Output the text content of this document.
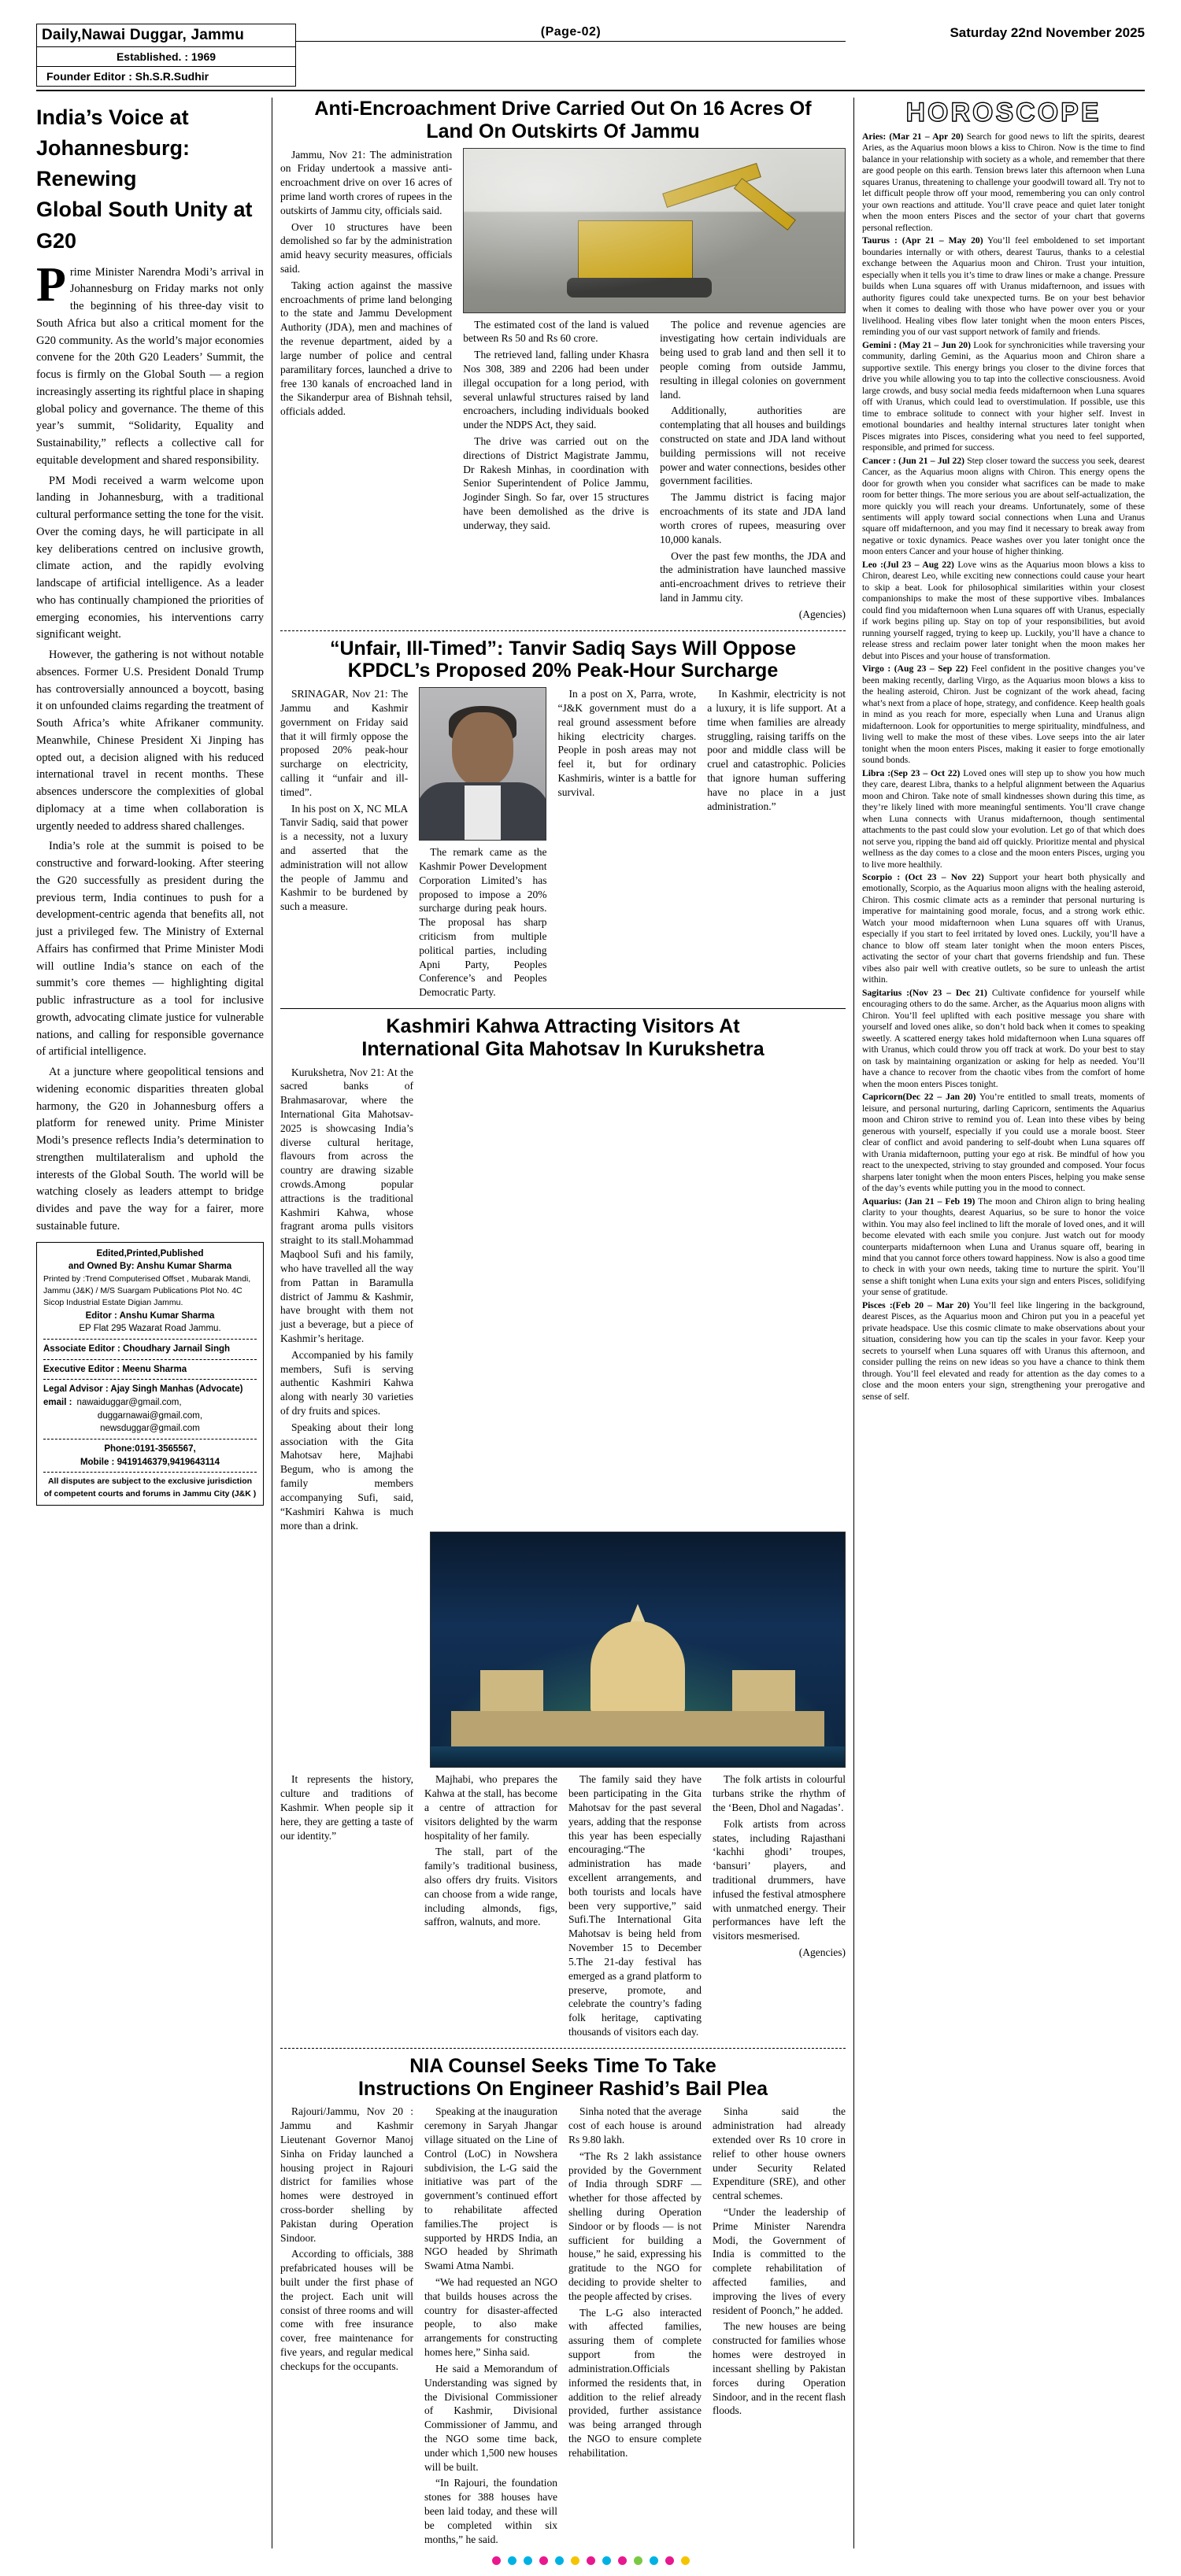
Daily,Nawai Duggar, Jammu
Established. : 1969
Founder Editor : Sh.S.R.Sudhir
(Page-02)	Saturday 22nd November 2025
India’s Voice at
Johannesburg: Renewing
Global South Unity at G20

Prime Minister Narendra Modi’s arrival in Johannesburg on Friday marks not only the beginning of his three-day visit to South Africa but also a critical moment for the G20 community. As the world’s major economies convene for the 20th G20 Leaders’ Summit, the focus is firmly on the Global South — a region increasingly asserting its rightful place in shaping global policy and governance. The theme of this year’s summit, “Solidarity, Equality and Sustainability,” reflects a collective call for equitable development and shared responsibility.

PM Modi received a warm welcome upon landing in Johannesburg, with a traditional cultural performance setting the tone for the visit. Over the coming days, he will participate in all key deliberations centred on inclusive growth, climate action, and the rapidly evolving landscape of artificial intelligence. As a leader who has continually championed the priorities of emerging economies, his interventions carry significant weight.

However, the gathering is not without notable absences. Former U.S. President Donald Trump has controversially announced a boycott, basing it on unfounded claims regarding the treatment of South Africa’s white Afrikaner community. Meanwhile, Chinese President Xi Jinping has opted out, a decision aligned with his reduced international travel in recent months. These absences underscore the complexities of global diplomacy at a time when collaboration is urgently needed to address shared challenges.

India’s role at the summit is poised to be constructive and forward-looking. After steering the G20 successfully as president during the previous term, India continues to push for a development-centric agenda that benefits all, not just a privileged few. The Ministry of External Affairs has confirmed that Prime Minister Modi will outline India’s stance on each of the summit’s core themes — highlighting digital public infrastructure as a tool for inclusive growth, advocating climate justice for vulnerable nations, and calling for responsible governance of artificial intelligence.

At a juncture where geopolitical tensions and widening economic disparities threaten global harmony, the G20 in Johannesburg offers a platform for renewed unity. Prime Minister Modi’s presence reflects India’s determination to strengthen multilateralism and uphold the interests of the Global South. The world will be watching closely as leaders attempt to bridge divides and pave the way for a fairer, more sustainable future.

Edited,Printed,Published
and Owned By: Anshu Kumar Sharma
Printed by :Trend Computerised Offset , Mubarak Mandi, Jammu (J&K) / M/S Suargam Publications Plot No. 4C Sicop Industrial Estate Digian Jammu.
Editor : Anshu Kumar Sharma
EP Flat 295 Wazarat Road Jammu.
Associate Editor : Choudhary Jarnail Singh
Executive Editor : Meenu Sharma
Legal Advisor : Ajay Singh Manhas (Advocate)
email : nawaiduggar@gmail.com,
duggarnawai@gmail.com,
newsduggar@gmail.com
Phone:0191-3565567,
Mobile : 9419146379,9419643114
All disputes are subject to the exclusive jurisdiction of competent courts and forums in Jammu City (J&K )
Anti-Encroachment Drive Carried Out On 16 Acres Of
Land On Outskirts Of Jammu

Jammu, Nov 21: The administration on Friday undertook a massive anti-encroachment drive on over 16 acres of prime land worth crores of rupees in the outskirts of Jammu city, officials said.

Over 10 structures have been demolished so far by the administration amid heavy security measures, officials said.

Taking action against the massive encroachments of prime land belonging to the state and Jammu Development Authority (JDA), men and machines of the revenue department, aided by a large number of police and central paramilitary forces, launched a drive to free 130 kanals of encroached land in the Sikanderpur area of Bishnah tehsil, officials added.

The estimated cost of the land is valued between Rs 50 and Rs 60 crore.

The retrieved land, falling under Khasra Nos 308, 389 and 2206 had been under illegal occupation for a long period, with several unlawful structures raised by land encroachers, including individuals booked under the NDPS Act, they said.

The drive was carried out on the directions of District Magistrate Jammu, Dr Rakesh Minhas, in coordination with Senior Superintendent of Police Jammu, Joginder Singh. So far, over 15 structures have been demolished as the drive is underway, they said.

The police and revenue agencies are investigating how certain individuals are being used to grab land and then sell it to people coming from outside Jammu, resulting in illegal colonies on government land.

Additionally, authorities are contemplating that all houses and buildings constructed on state and JDA land without building permissions will not receive power and water connections, besides other government facilities.

The Jammu district is facing major encroachments of its state and JDA land worth crores of rupees, measuring over 10,000 kanals.

Over the past few months, the JDA and the administration have launched massive anti-encroachment drives to retrieve their land in Jammu city.

(Agencies)

“Unfair, Ill-Timed”: Tanvir Sadiq Says Will Oppose
KPDCL’s Proposed 20% Peak-Hour Surcharge

SRINAGAR, Nov 21: The Jammu and Kashmir government on Friday said that it will firmly oppose the proposed 20% peak-hour surcharge on electricity, calling it “unfair and ill-timed”.

In his post on X, NC MLA Tanvir Sadiq, said that power is a necessity, not a luxury and asserted that the administration will not allow the people of Jammu and Kashmir to be burdened by such a measure.

The remark came as the Kashmir Power Development Corporation Limited’s has proposed to impose a 20% surcharge during peak hours. The proposal has sharp criticism from multiple political parties, including Apni Party, Peoples Conference’s and Peoples Democratic Party.

In a post on X, Parra, wrote, “J&K government must do a real ground assessment before hiking electricity charges. People in posh areas may not feel it, but for ordinary Kashmiris, winter is a battle for survival.

In Kashmir, electricity is not a luxury, it is life support. At a time when families are already struggling, raising tariffs on the poor and middle class will be cruel and catastrophic. Policies that ignore human suffering have no place in a just administration.”

Kashmiri Kahwa Attracting Visitors At
International Gita Mahotsav In Kurukshetra

Kurukshetra, Nov 21: At the sacred banks of Brahmasarovar, where the International Gita Mahotsav-2025 is showcasing India’s diverse cultural heritage, flavours from across the country are drawing sizable crowds.Among popular attractions is the traditional Kashmiri Kahwa, whose fragrant aroma pulls visitors straight to its stall.Mohammad Maqbool Sufi and his family, who have travelled all the way from Pattan in Baramulla district of Jammu & Kashmir, have brought with them not just a beverage, but a piece of Kashmir’s heritage.

Accompanied by his family members, Sufi is serving authentic Kashmiri Kahwa along with nearly 30 varieties of dry fruits and spices.

Speaking about their long association with the Gita Mahotsav here, Majhabi Begum, who is among the family members accompanying Sufi, said, “Kashmiri Kahwa is much more than a drink.

It represents the history, culture and traditions of Kashmir. When people sip it here, they are getting a taste of our identity.”

Majhabi, who prepares the Kahwa at the stall, has become a centre of attraction for visitors delighted by the warm hospitality of her family.

The stall, part of the family’s traditional business, also offers dry fruits. Visitors can choose from a wide range, including almonds, figs, saffron, walnuts, and more.

The family said they have been participating in the Gita Mahotsav for the past several years, adding that the response this year has been especially encouraging.“The administration has made excellent arrangements, and both tourists and locals have been very supportive,” said Sufi.The International Gita Mahotsav is being held from November 15 to December 5.The 21-day festival has emerged as a grand platform to preserve, promote, and celebrate the country’s fading folk heritage, captivating thousands of visitors each day.

The folk artists in colourful turbans strike the rhythm of the ‘Been, Dhol and Nagadas’.

Folk artists from across states, including Rajasthani ‘kachhi ghodi’ troupes, ‘bansuri’ players, and traditional drummers, have infused the festival atmosphere with unmatched energy. Their performances have left the visitors mesmerised.

(Agencies)

NIA Counsel Seeks Time To Take
Instructions On Engineer Rashid’s Bail Plea

Rajouri/Jammu, Nov 20 : Jammu and Kashmir Lieutenant Governor Manoj Sinha on Friday launched a housing project in Rajouri district for families whose homes were destroyed in cross-border shelling by Pakistan during Operation Sindoor.

According to officials, 388 prefabricated houses will be built under the first phase of the project. Each unit will consist of three rooms and will come with free insurance cover, free maintenance for five years, and regular medical checkups for the occupants.

Speaking at the inauguration ceremony in Saryah Jhangar village situated on the Line of Control (LoC) in Nowshera subdivision, the L-G said the initiative was part of the government’s continued effort to rehabilitate affected families.The project is supported by HRDS India, an NGO headed by Shrimath Swami Atma Nambi.

“We had requested an NGO that builds houses across the country for disaster-affected people, to also make arrangements for constructing homes here,” Sinha said.

He said a Memorandum of Understanding was signed by the Divisional Commissioner of Kashmir, Divisional Commissioner of Jammu, and the NGO some time back, under which 1,500 new houses will be built.

“In Rajouri, the foundation stones for 388 houses have been laid today, and these will be completed within six months,” he said.

Sinha noted that the average cost of each house is around Rs 9.80 lakh.

“The Rs 2 lakh assistance provided by the Government of India through SDRF — whether for those affected by shelling during Operation Sindoor or by floods — is not sufficient for building a house,” he said, expressing his gratitude to the NGO for deciding to provide shelter to the people affected by crises.

The L-G also interacted with affected families, assuring them of complete support from the administration.Officials informed the residents that, in addition to the relief already provided, further assistance was being arranged through the NGO to ensure complete rehabilitation.

Sinha said the administration had already extended over Rs 10 crore in relief to other house owners under Security Related Expenditure (SRE), and other central schemes.

“Under the leadership of Prime Minister Narendra Modi, the Government of India is committed to the complete rehabilitation of affected families, and improving the lives of every resident of Poonch,” he added.

The new houses are being constructed for families whose homes were destroyed in incessant shelling by Pakistan forces during Operation Sindoor, and in the recent flash floods.

HOROSCOPE

Aries: (Mar 21 – Apr 20) Search for good news to lift the spirits, dearest Aries, as the Aquarius moon blows a kiss to Chiron. Now is the time to find balance in your relationship with society as a whole, and remember that there are good people on this earth. Tension brews later this afternoon when Luna squares Uranus, threatening to challenge your goodwill toward all. Try not to let difficult people throw off your mood, remembering you can only control your own reactions and attitude. You’ll crave peace and quiet later tonight when the moon enters Pisces and the sector of your chart that governs personal reflection.

Taurus : (Apr 21 – May 20) You’ll feel emboldened to set important boundaries internally or with others, dearest Taurus, thanks to a celestial exchange between the Aquarius moon and Chiron. Trust your intuition, especially when it tells you it’s time to draw lines or make a change. Pressure builds when Luna squares off with Uranus midafternoon, and issues with authority figures could take unexpected turns. Be on your best behavior when it comes to dealing with those who have power over you or your livelihood. Healing vibes flow later tonight when the moon enters Pisces, reminding you of our vast support network of family and friends.

Gemini : (May 21 – Jun 20) Look for synchronicities while traversing your community, darling Gemini, as the Aquarius moon and Chiron share a supportive sextile. This energy brings you closer to the divine forces that drive you while allowing you to tap into the collective consciousness. Avoid large crowds, and busy social media feeds midafternoon when Luna squares off with Uranus, which could lead to overstimulation. If possible, use this time to embrace solitude to connect with your higher self. Invest in emotional boundaries and healthy internal structures later tonight when Pisces migrates into Pisces, considering what you need to feel supported, responsible, and primed for success.

Cancer : (Jun 21 – Jul 22) Step closer toward the success you seek, dearest Cancer, as the Aquarius moon aligns with Chiron. This energy opens the door for growth when you consider what sacrifices can be made to make room for better things. The more serious you are about self-actualization, the more quickly you will reach your dreams. Unfortunately, some of these sentiments will apply toward social connections when Luna and Uranus square off midafternoon, and you may find it necessary to break away from negative or toxic dynamics. Peace washes over you later tonight once the moon enters Cancer and your house of higher thinking.

Leo :(Jul 23 – Aug 22) Love wins as the Aquarius moon blows a kiss to Chiron, dearest Leo, while exciting new connections could cause your heart to skip a beat. Look for philosophical similarities within your closest companionships to make the most of these supportive vibes. Imbalances could find you midafternoon when Luna squares off with Uranus, especially if work begins piling up. Stay on top of your responsibilities, but avoid running yourself ragged, trying to keep up. Luckily, you’ll have a chance to release stress and reclaim power later tonight when the moon makes her debut into Pisces and your house of transformation.

Virgo : (Aug 23 – Sep 22) Feel confident in the positive changes you’ve been making recently, darling Virgo, as the Aquarius moon blows a kiss to the healing asteroid, Chiron. Just be cognizant of the work ahead, facing what’s next from a place of hope, strategy, and confidence. Keep health goals in mind as you reach for more, especially when Luna and Uranus align midafternoon. Look for opportunities to merge spirituality, mindfulness, and living well to make the most of these vibes. Love seeps into the air later tonight when the moon enters Pisces, making it easier to forge emotionally sound bonds.

Libra :(Sep 23 – Oct 22) Loved ones will step up to show you how much they care, dearest Libra, thanks to a helpful alignment between the Aquarius moon and Chiron. Take note of small kindnesses shown during this time, as they’re likely lined with more meaningful sentiments. You’ll crave change when Luna connects with Uranus midafternoon, though sentimental attachments to the past could slow your evolution. Let go of that which does not serve you, ripping the band aid off quickly. Prioritize mental and physical wellness as the day comes to a close and the moon enters Pisces, urging you to live more healthily.

Scorpio : (Oct 23 – Nov 22) Support your heart both physically and emotionally, Scorpio, as the Aquarius moon aligns with the healing asteroid, Chiron. This cosmic climate acts as a reminder that personal nurturing is imperative for maintaining good morale, focus, and a strong work ethic. Watch your mood midafternoon when Luna squares off with Uranus, especially if you start to feel irritated by loved ones. Luckily, you’ll have a chance to blow off steam later tonight when the moon enters Pisces, activating the sector of your chart that governs friendship and fun. These vibes also pair well with creative outlets, so be sure to unleash the artist within.

Sagitarius :(Nov 23 – Dec 21) Cultivate confidence for yourself while encouraging others to do the same. Archer, as the Aquarius moon aligns with Chiron. You’ll feel uplifted with each positive message you share with yourself and loved ones alike, so don’t hold back when it comes to speaking sweetly. A scattered energy takes hold midafternoon when Luna squares off with Uranus, which could throw you off track at work. Do your best to stay on task by maintaining organization or asking for help as needed. You’ll have a chance to recover from the chaotic vibes from the comfort of home when the moon enters Pisces tonight.

Capricorn(Dec 22 – Jan 20) You’re entitled to small treats, moments of leisure, and personal nurturing, darling Capricorn, sentiments the Aquarius moon and Chiron strive to remind you of. Lean into these vibes by being generous with yourself, especially if you could use a morale boost. Steer clear of conflict and avoid pandering to self-doubt when Luna squares off with Urania midafternoon, putting your ego at risk. Be mindful of how you react to the unexpected, striving to stay grounded and composed. Your focus sharpens later tonight when the moon enters Pisces, helping you make sense of the day’s events while putting you in the mood to connect.

Aquarius: (Jan 21 – Feb 19) The moon and Chiron align to bring healing clarity to your thoughts, dearest Aquarius, so be sure to honor the voice within. You may also feel inclined to lift the morale of loved ones, and it will become elevated with each smile you conjure. Just watch out for moody counterparts midafternoon when Luna and Uranus square off, bearing in mind that you cannot force others toward happiness. Now is also a good time to check in with your own needs, taking time to nurture the spirit. You’ll sense a shift tonight when Luna exits your sign and enters Pisces, solidifying your sense of gratitude.

Pisces :(Feb 20 – Mar 20) You’ll feel like lingering in the background, dearest Pisces, as the Aquarius moon and Chiron put you in a peaceful yet private headspace. Use this cosmic climate to make observations about your situation, considering how you can tip the scales in your favor. Keep your secrets to yourself when Luna squares off with Uranus this afternoon, and consider pulling the reins on new ideas so you have a chance to think them through. You’ll feel elevated and ready for attention as the day comes to a close and the moon enters your sign, strengthening your prerogative and sense of self.
